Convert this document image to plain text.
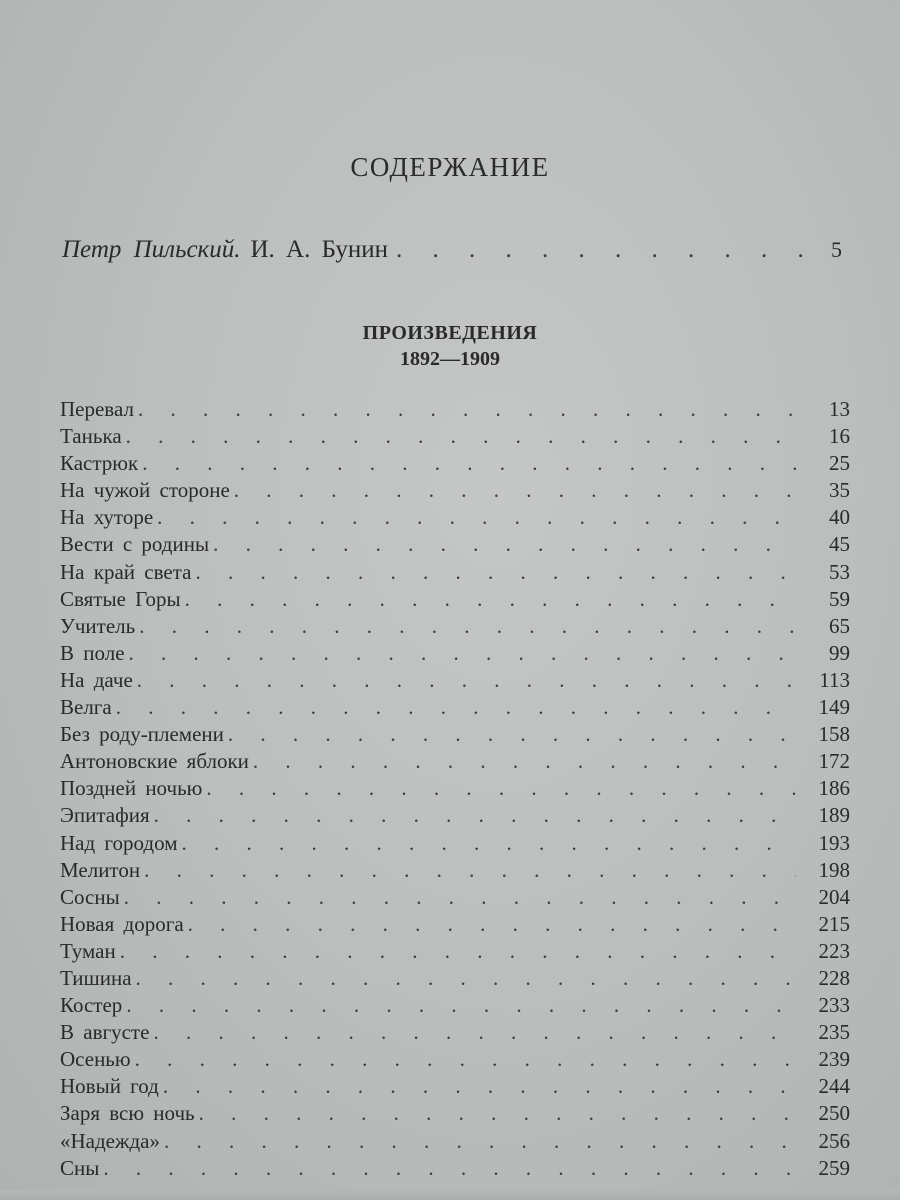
СОДЕРЖАНИЕ
Петр Пильский. И. А. Бунин . . .	5
ПРОИЗВЕДЕНИЯ
1892—1909
Перевал . . .	13
Танька . . .	16
Кастрюк . . .	25
На чужой стороне . . .	35
На хуторе . . .	40
Вести с родины . . .	45
На край света . . .	53
Святые Горы . . .	59
Учитель . . .	65
В поле . . .	99
На даче . . .	113
Велга . . .	149
Без роду-племени . . .	158
Антоновские яблоки . . .	172
Поздней ночью . . .	186
Эпитафия . . .	189
Над городом . . .	193
Мелитон . . .	198
Сосны . . .	204
Новая дорога . . .	215
Туман . . .	223
Тишина . . .	228
Костер . . .	233
В августе . . .	235
Осенью . . .	239
Новый год . . .	244
Заря всю ночь . . .	250
«Надежда» . . .	256
Сны . . .	259
